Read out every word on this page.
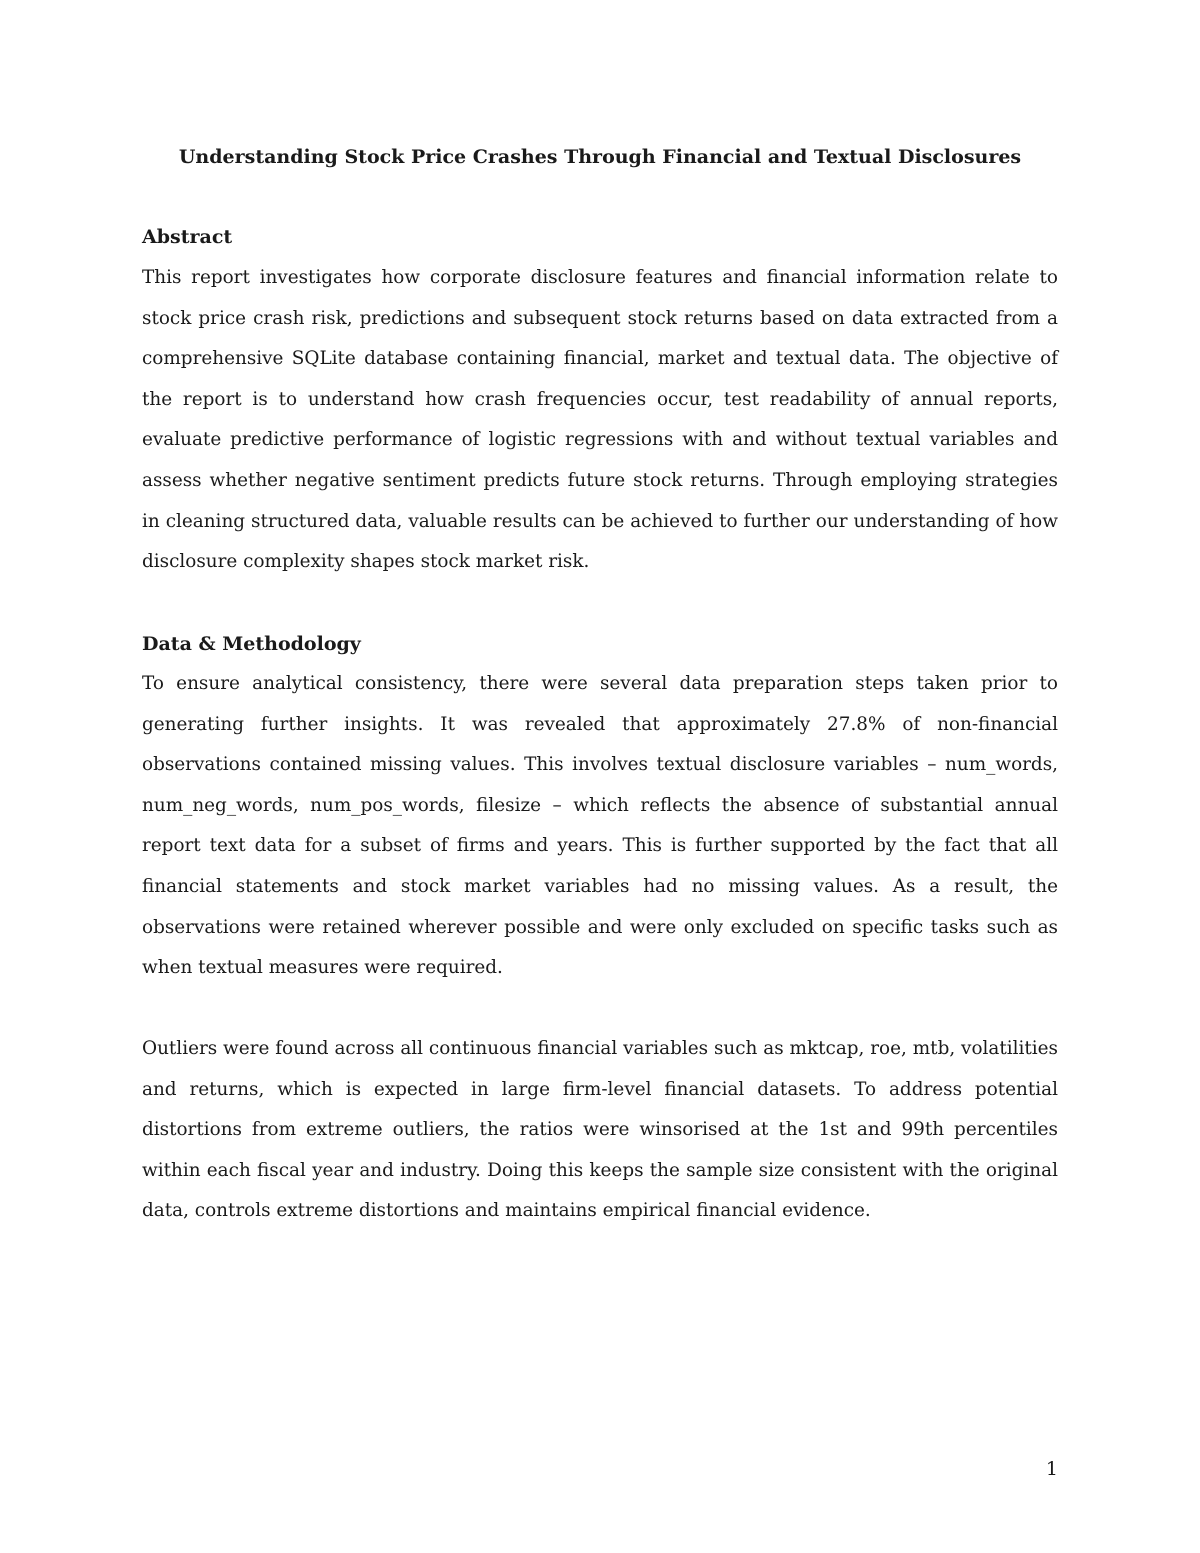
Understanding Stock Price Crashes Through Financial and Textual Disclosures
Abstract
This report investigates how corporate disclosure features and financial information relate to stock price crash risk, predictions and subsequent stock returns based on data extracted from a comprehensive SQLite database containing financial, market and textual data. The objective of the report is to understand how crash frequencies occur, test readability of annual reports, evaluate predictive performance of logistic regressions with and without textual variables and assess whether negative sentiment predicts future stock returns. Through employing strategies in cleaning structured data, valuable results can be achieved to further our understanding of how disclosure complexity shapes stock market risk.
Data & Methodology
To ensure analytical consistency, there were several data preparation steps taken prior to generating further insights. It was revealed that approximately 27.8% of non-financial observations contained missing values. This involves textual disclosure variables – num_words, num_neg_words, num_pos_words, filesize – which reflects the absence of substantial annual report text data for a subset of firms and years. This is further supported by the fact that all financial statements and stock market variables had no missing values. As a result, the observations were retained wherever possible and were only excluded on specific tasks such as when textual measures were required.
Outliers were found across all continuous financial variables such as mktcap, roe, mtb, volatilities and returns, which is expected in large firm-level financial datasets. To address potential distortions from extreme outliers, the ratios were winsorised at the 1st and 99th percentiles within each fiscal year and industry. Doing this keeps the sample size consistent with the original data, controls extreme distortions and maintains empirical financial evidence.
1
